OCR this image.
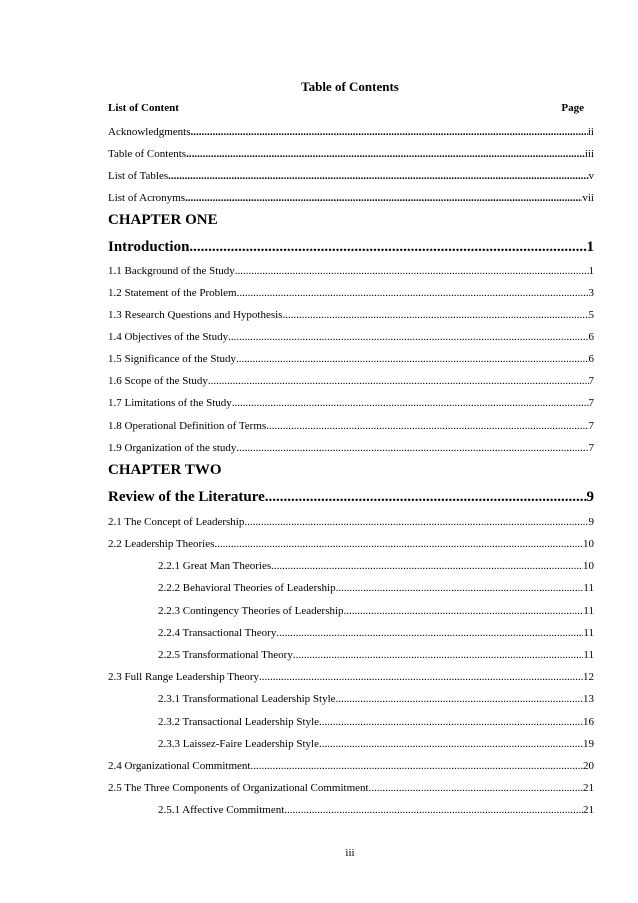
Table of Contents
List of Content	Page
Acknowledgments .....	ii
Table of Contents .....	iii
List of Tables .....	v
List of Acronyms .....	vii
CHAPTER ONE
Introduction .....	1
1.1 Background of the Study .....	1
1.2 Statement of the Problem .....	3
1.3 Research Questions and Hypothesis .....	5
1.4 Objectives of the Study .....	6
1.5 Significance of the Study .....	6
1.6 Scope of the Study .....	7
1.7 Limitations of the Study .....	7
1.8 Operational Definition of Terms. .....	7
1.9 Organization of the study .....	7
CHAPTER TWO
Review of the Literature .....	9
2.1 The Concept of Leadership .....	9
2.2 Leadership Theories .....	10
2.2.1 Great Man Theories .....	10
2.2.2 Behavioral Theories of Leadership .....	11
2.2.3 Contingency Theories of Leadership .....	11
2.2.4 Transactional Theory .....	11
2.2.5 Transformational Theory .....	11
2.3 Full Range Leadership Theory .....	12
2.3.1 Transformational Leadership Style .....	13
2.3.2 Transactional Leadership Style .....	16
2.3.3 Laissez-Faire Leadership Style .....	19
2.4 Organizational Commitment .....	20
2.5 The Three Components of Organizational Commitment .....	21
2.5.1 Affective Commitment .....	21
iii
